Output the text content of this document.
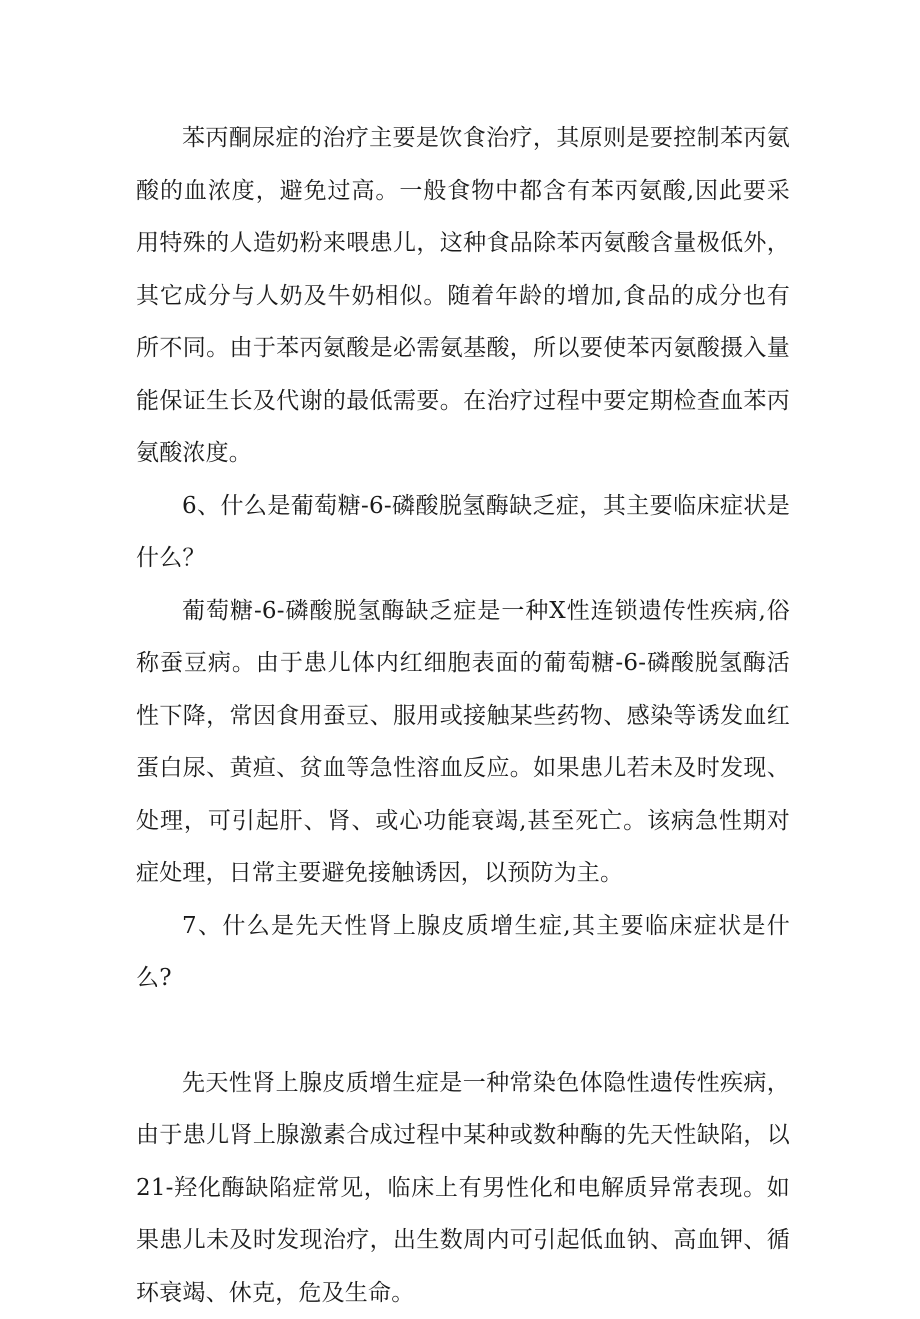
苯丙酮尿症的治疗主要是饮食治疗，其原则是要控制苯丙氨酸的血浓度，避免过高。一般食物中都含有苯丙氨酸,因此要采用特殊的人造奶粉来喂患儿，这种食品除苯丙氨酸含量极低外，其它成分与人奶及牛奶相似。随着年龄的增加,食品的成分也有所不同。由于苯丙氨酸是必需氨基酸，所以要使苯丙氨酸摄入量能保证生长及代谢的最低需要。在治疗过程中要定期检查血苯丙氨酸浓度。

6、什么是葡萄糖-6-磷酸脱氢酶缺乏症，其主要临床症状是什么？

葡萄糖-6-磷酸脱氢酶缺乏症是一种X性连锁遗传性疾病,俗称蚕豆病。由于患儿体内红细胞表面的葡萄糖-6-磷酸脱氢酶活性下降，常因食用蚕豆、服用或接触某些药物、感染等诱发血红蛋白尿、黄疸、贫血等急性溶血反应。如果患儿若未及时发现、处理，可引起肝、肾、或心功能衰竭,甚至死亡。该病急性期对症处理，日常主要避免接触诱因，以预防为主。

7、什么是先天性肾上腺皮质增生症,其主要临床症状是什么?

先天性肾上腺皮质增生症是一种常染色体隐性遗传性疾病，由于患儿肾上腺激素合成过程中某种或数种酶的先天性缺陷，以21-羟化酶缺陷症常见，临床上有男性化和电解质异常表现。如果患儿未及时发现治疗，出生数周内可引起低血钠、高血钾、循环衰竭、休克，危及生命。
